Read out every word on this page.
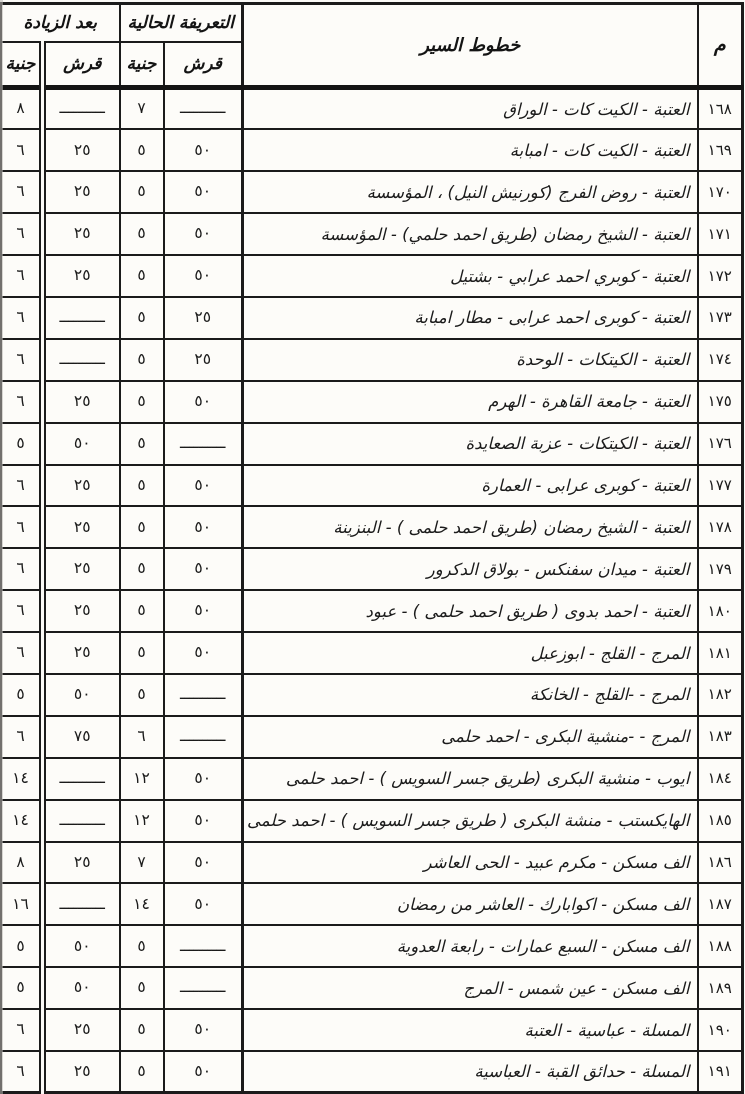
م	خطوط السير	التعريفة الحالية		بعد الزيادة	
		قرش	جنية	قرش	جنية
١٦٨	العتبة - الكيت كات - الوراق	ــــــــــ	٧	ــــــــــ	٨
١٦٩	العتبة - الكيت كات - امبابة	٥٠	٥	٢٥	٦
١٧٠	العتبة - روض الفرج (كورنيش النيل) ، المؤسسة	٥٠	٥	٢٥	٦
١٧١	العتبة - الشيخ رمضان (طريق احمد حلمي) - المؤسسة	٥٠	٥	٢٥	٦
١٧٢	العتبة - كوبري احمد عرابي - بشتيل	٥٠	٥	٢٥	٦
١٧٣	العتبة - كوبرى احمد عرابى - مطار امبابة	٢٥	٥	ــــــــــ	٦
١٧٤	العتبة - الكيتكات - الوحدة	٢٥	٥	ــــــــــ	٦
١٧٥	العتبة - جامعة القاهرة - الهرم	٥٠	٥	٢٥	٦
١٧٦	العتبة - الكيتكات - عزبة الصعايدة	ــــــــــ	٥	٥٠	٥
١٧٧	العتبة - كوبرى عرابى - العمارة	٥٠	٥	٢٥	٦
١٧٨	العتبة - الشيخ رمضان (طريق احمد حلمى ) - البنزينة	٥٠	٥	٢٥	٦
١٧٩	العتبة - ميدان سفنكس - بولاق الدكرور	٥٠	٥	٢٥	٦
١٨٠	العتبة - احمد بدوى ( طريق احمد حلمى ) - عبود	٥٠	٥	٢٥	٦
١٨١	المرج - القلج - ابوزعبل	٥٠	٥	٢٥	٦
١٨٢	المرج - -القلج - الخانكة	ــــــــــ	٥	٥٠	٥
١٨٣	المرج - -منشية البكرى - احمد حلمى	ــــــــــ	٦	٧٥	٦
١٨٤	ايوب - منشية البكرى (طريق جسر السويس ) - احمد حلمى	٥٠	١٢	ــــــــــ	١٤
١٨٥	الهايكستب - منشة البكرى ( طريق جسر السويس ) - احمد حلمى	٥٠	١٢	ــــــــــ	١٤
١٨٦	الف مسكن - مكرم عبيد - الحى العاشر	٥٠	٧	٢٥	٨
١٨٧	الف مسكن - اكوابارك - العاشر من رمضان	٥٠	١٤	ــــــــــ	١٦
١٨٨	الف مسكن - السبع عمارات - رابعة العدوية	ــــــــــ	٥	٥٠	٥
١٨٩	الف مسكن - عين شمس - المرج	ــــــــــ	٥	٥٠	٥
١٩٠	المسلة - عباسية - العتبة	٥٠	٥	٢٥	٦
١٩١	المسلة - حدائق القبة - العباسية	٥٠	٥	٢٥	٦
